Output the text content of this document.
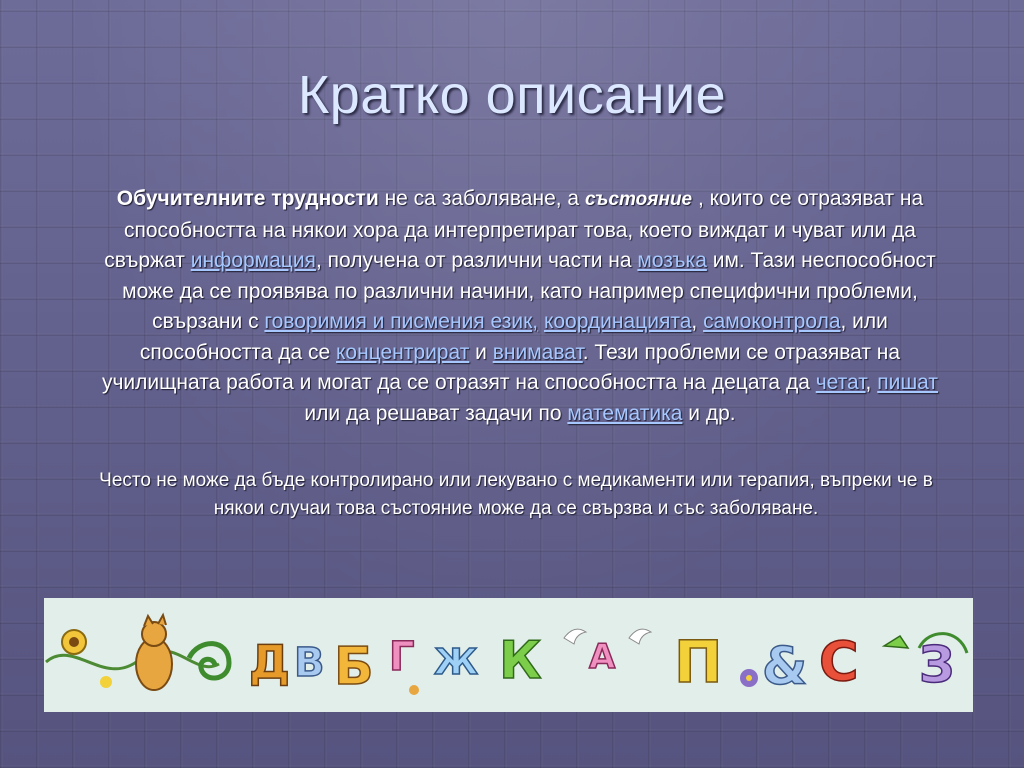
Кратко описание
Обучителните трудности не са заболяване, а състояние , които се отразяват на способността на някои хора да интерпретират това, което виждат и чуват или да свържат информация, получена от различни части на мозъка им. Тази неспособност може да се проявява по различни начини, като например специфични проблеми, свързани с говоримия и писмения език, координацията, самоконтрола, или способността да се концентрират и внимават. Тези проблеми се отразяват на училищната работа и могат да се отразят на способността на децата да четат, пишат или да решават задачи по математика и др.
Често не може да бъде контролирано или лекувано с медикаменти или терапия, въпреки че в някои случаи това състояние може да се свързва и със заболяване.
Д В Б Г Ж К А П & С З
